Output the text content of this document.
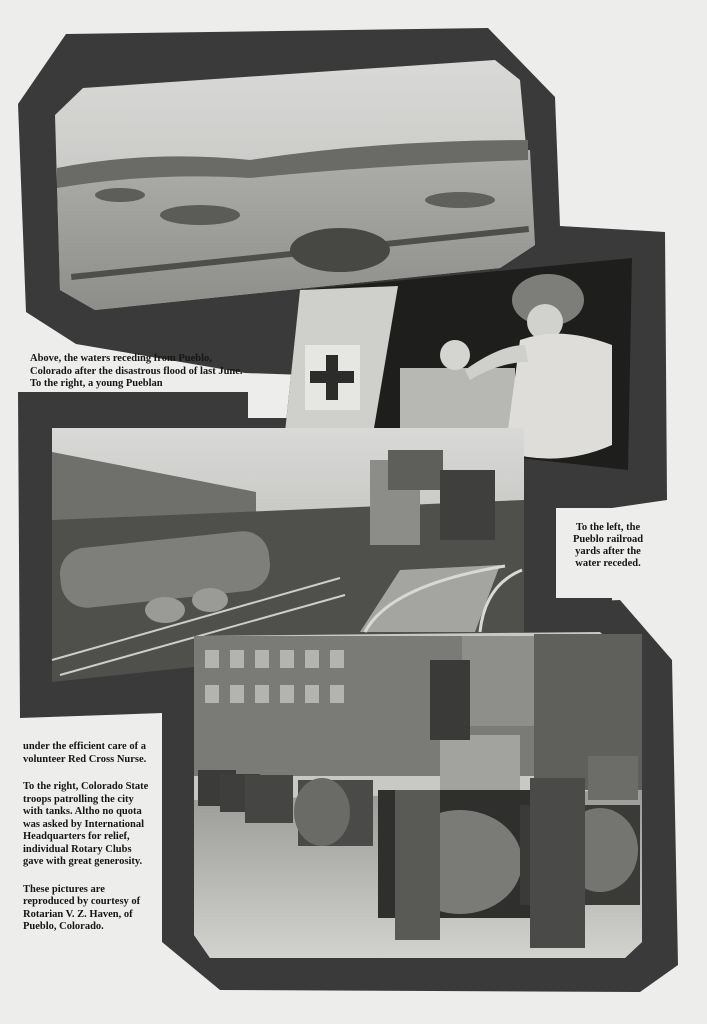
Above, the waters receding from Pueblo, Colorado after the disastrous flood of last June. To the right, a young Pueblan

To the left, the Pueblo railroad yards after the water receded.

under the efficient care of a volunteer Red Cross Nurse.

To the right, Colorado State troops patrolling the city with tanks. Altho no quota was asked by International Headquarters for relief, individual Rotary Clubs gave with great generosity.

These pictures are reproduced by courtesy of Rotarian V. Z. Haven, of Pueblo, Colorado.
